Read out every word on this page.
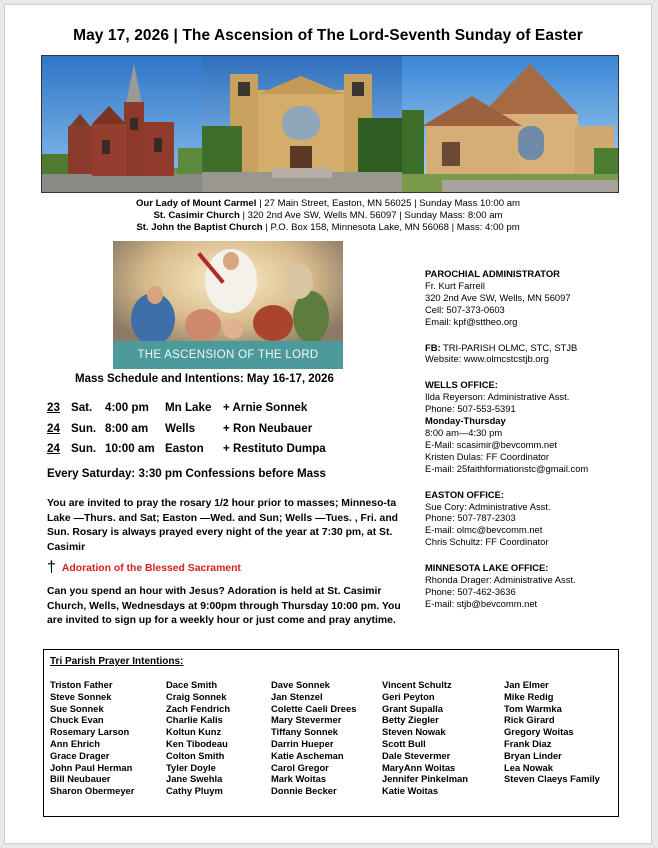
May 17, 2026 | The Ascension of The Lord-Seventh Sunday of Easter
Our Lady of Mount Carmel | 27 Main Street, Easton, MN 56025 | Sunday Mass 10:00 am
St. Casimir Church | 320 2nd Ave SW, Wells MN. 56097 | Sunday Mass: 8:00 am
St. John the Baptist Church | P.O. Box 158, Minnesota Lake, MN 56068 | Mass: 4:00 pm
THE ASCENSION OF THE LORD
Mass Schedule and Intentions: May 16-17, 2026
23 Sat. 4:00 pm Mn Lake + Arnie Sonnek
24 Sun. 8:00 am Wells + Ron Neubauer
24 Sun. 10:00 am Easton + Restituto Dumpa
Every Saturday: 3:30 pm Confessions before Mass
You are invited to pray the rosary 1/2 hour prior to masses; Minneso-ta Lake —Thurs. and Sat; Easton —Wed. and Sun; Wells —Tues. , Fri. and Sun. Rosary is always prayed every night of the year at 7:30 pm, at St. Casimir
† Adoration of the Blessed Sacrament
Can you spend an hour with Jesus? Adoration is held at St. Casimir Church, Wells, Wednesdays at 9:00pm through Thursday 10:00 pm. You are invited to sign up for a weekly hour or just come and pray anytime.
PAROCHIAL ADMINISTRATOR
Fr. Kurt Farrell
320 2nd Ave SW, Wells, MN 56097
Cell: 507-373-0603
Email: kpf@sttheo.org
FB: TRI-PARISH OLMC, STC, STJB
Website: www.olmcstcstjb.org
WELLS OFFICE:
Ilda Reyerson: Administrative Asst.
Phone: 507-553-5391
Monday-Thursday
8:00 am—4:30 pm
E-Mail: scasimir@bevcomm.net
Kristen Dulas: FF Coordinator
E-mail: 25faithformationstc@gmail.com
EASTON OFFICE:
Sue Cory: Administrative Asst.
Phone: 507-787-2303
E-mail: olmc@bevcomm.net
Chris Schultz: FF Coordinator
MINNESOTA LAKE OFFICE:
Rhonda Drager: Administrative Asst.
Phone: 507-462-3636
E-mail: stjb@bevcomm.net
Tri Parish Prayer Intentions:
Triston Father
Steve Sonnek
Sue Sonnek
Chuck Evan
Rosemary Larson
Ann Ehrich
Grace Drager
John Paul Herman
Bill Neubauer
Sharon Obermeyer
Dace Smith
Craig Sonnek
Zach Fendrich
Charlie Kalis
Koltun Kunz
Ken Tibodeau
Colton Smith
Tyler Doyle
Jane Swehla
Cathy Pluym
Dave Sonnek
Jan Stenzel
Colette Caeli Drees
Mary Stevermer
Tiffany Sonnek
Darrin Hueper
Katie Ascheman
Carol Gregor
Mark Woitas
Donnie Becker
Vincent Schultz
Geri Peyton
Grant Supalla
Betty Ziegler
Steven Nowak
Scott Bull
Dale Stevermer
MaryAnn Woitas
Jennifer Pinkelman
Katie Woitas
Jan Elmer
Mike Redig
Tom Warmka
Rick Girard
Gregory Woitas
Frank Diaz
Bryan Linder
Lea Nowak
Steven Claeys Family
